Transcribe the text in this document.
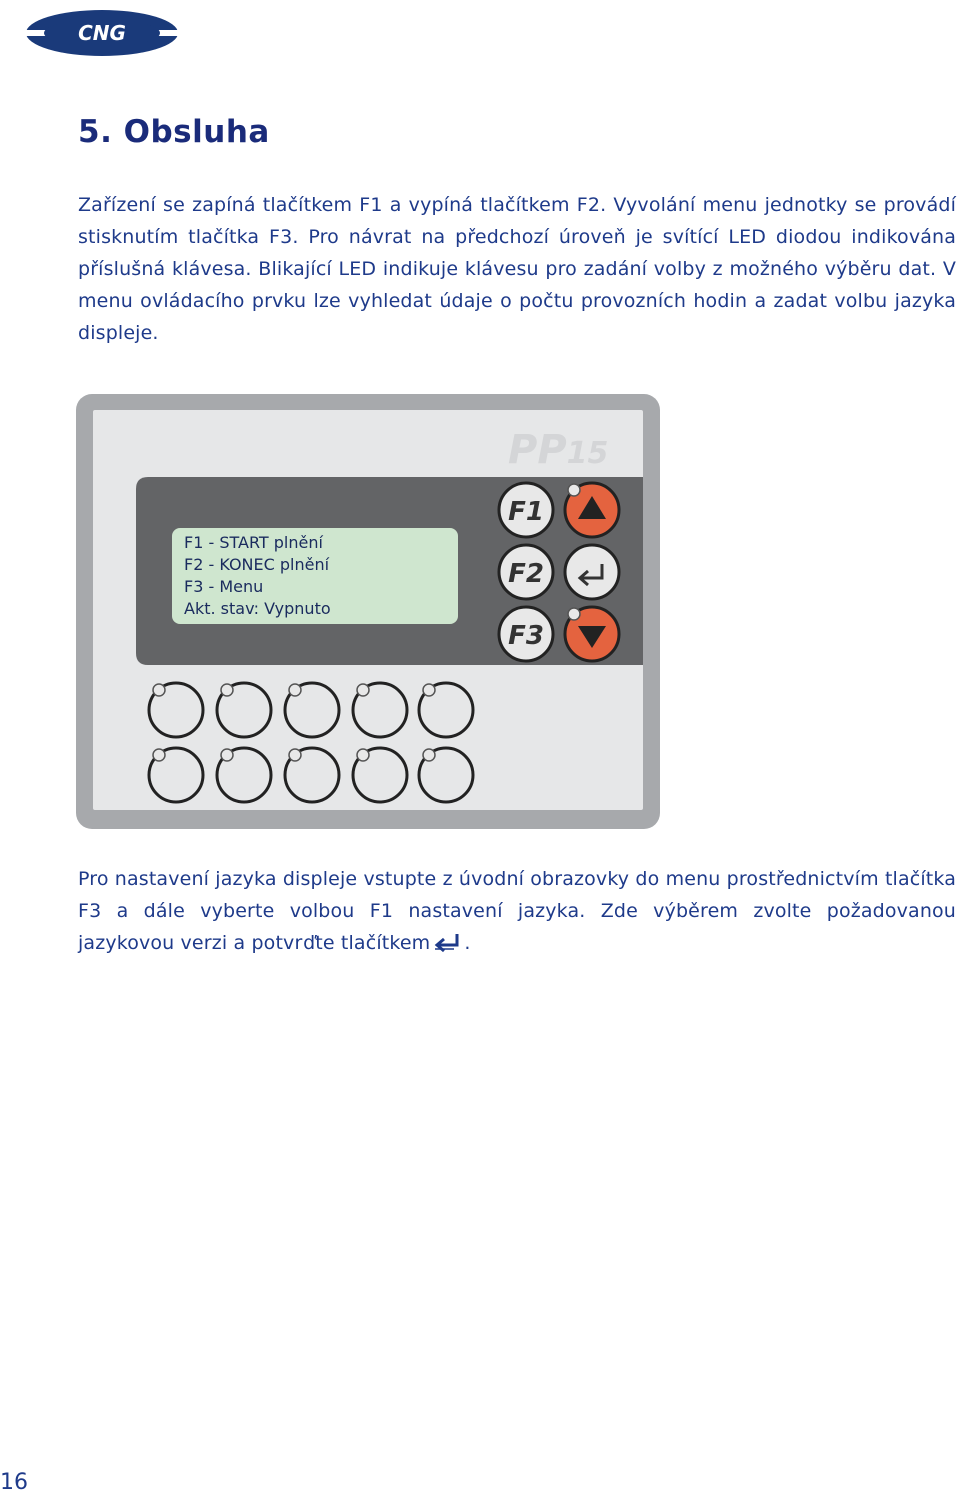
CNG
5. Obsluha

Zařízení se zapíná tlačítkem F1 a vypíná tlačítkem F2. Vyvolání menu jednotky se provádí stisknutím tlačítka F3. Pro návrat na předchozí úroveň je svítící LED diodou indikována příslušná klávesa. Blikající LED indikuje klávesu pro zadání volby z možného výběru dat. V menu ovládacího prvku lze vyhledat údaje o počtu provozních hodin a zadat volbu jazyka displeje.

PP15
F1
F2
F3
F1 - START plnění
F2 - KONEC plnění
F3 - Menu
Akt. stav: Vypnuto

Pro nastavení jazyka displeje vstupte z úvodní obrazovky do menu prostřednictvím tlačítka F3 a dále vyberte volbou F1 nastavení jazyka. Zde výběrem zvolte požadovanou jazykovou verzi a potvrďte tlačítkem .

16
